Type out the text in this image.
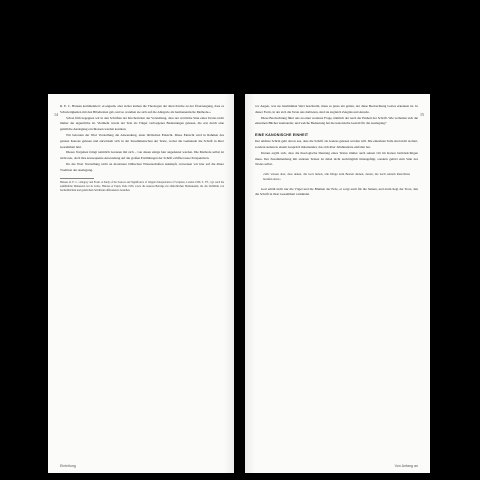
14

R. E. C. Hansen kommentiert: »Langsam, aber sicher kamen die Theologen der alten Kirche zu der Überzeugung, dass es Schwierigkeiten mit den Bibeltexten gab, und so wandten sie sich auf die Allegorie als hermeneutische Methode.«

Schon früh begegnen wir in den Schriften der Kirchenväter der Vorstellung, dass der wörtliche Sinn eines Textes nicht immer der eigentliche ist. Vielmehr wurde der Text als Träger verborgener Bedeutungen gelesen, die erst durch eine geistliche Auslegung erschlossen werden konnten.

Wir betonten der Wort Vorstellung die Anwendung, einer biblischen Einsicht. Diese Einsicht wird in Rahmen des ganzen Kanons gelesen und entwickelt sich in der Zusammenschau der Texte, wobei die Gemeinde die Schrift in ihrer Gesamtheit hört.

Dieses Vorgehen bringt natürlich Grenzen mit sich – von denen einige hier angedeutet werden. Die Methode selbst ist nicht neu, doch ihre konsequente Anwendung auf die großen Erzählungen der Schrift eröffnet neue Perspektiven.

Da das Wort Vorstellung nicht an modernen biblischen Wissenschaften anknüpft, verweisen wir hier auf die ältere Tradition der Auslegung.

Hansen, R. E. C.: Allegory and Event. A Study of the Sources and Significance of Origen's Interpretation of Scripture, London 1959, S. 37f.; vgl. auch die ausführliche Diskussion bei de Lubac, Histoire et Esprit, Paris 1950, sowie die neueren Beiträge zur altkirchlichen Hermeneutik, die das Verhältnis von buchstäblichem und geistlichem Schriftsinn differenziert darstellen.

Einleitung
15

vor Augen, was sie bestimmten Wert beschreibt, muss es jenes ein gelten, der diese Beobachtung Gottes erkennen ist. In dieser Form, in der sich die Texte uns darbieten, sind sie zugleich Zeugnis und Anrede.

Diese Beobachtung führt uns zu einer weiteren Frage, nämlich der nach der Einheit der Schrift. Wie verhalten sich die einzelnen Bücher zueinander, und welche Bedeutung hat die kanonische Gestalt für die Auslegung?

EINE KANONISCHE EINHEIT

Der nächste Schritt geht davon aus, dass die Schrift als Ganzes gelesen werden will. Die einzelnen Teile sind nicht isoliert, sondern stehen in einem Gespräch miteinander, das sich über Jahrhunderte entfaltet hat.

Daraus ergibt sich, dass die theologische Deutung eines Textes immer auch seinen Ort im Kanon berücksichtigen muss. Der Zusammenhang mit anderen Texten ist dabei nicht nachträglich hinzugefügt, sondern gehört zum Sinn des Textes selbst.

»Wir wissen aber, dass denen, die Gott lieben, alle Dinge zum Besten dienen, denen, die nach seinem Ratschluss berufen sind.«

Gott erhält nicht nur die Vögel und die Blumen der Erde, er sorgt auch für die Seinen, und darin liegt der Trost, den die Schrift in ihrer Gesamtheit verkündet.

Von Anfang an
